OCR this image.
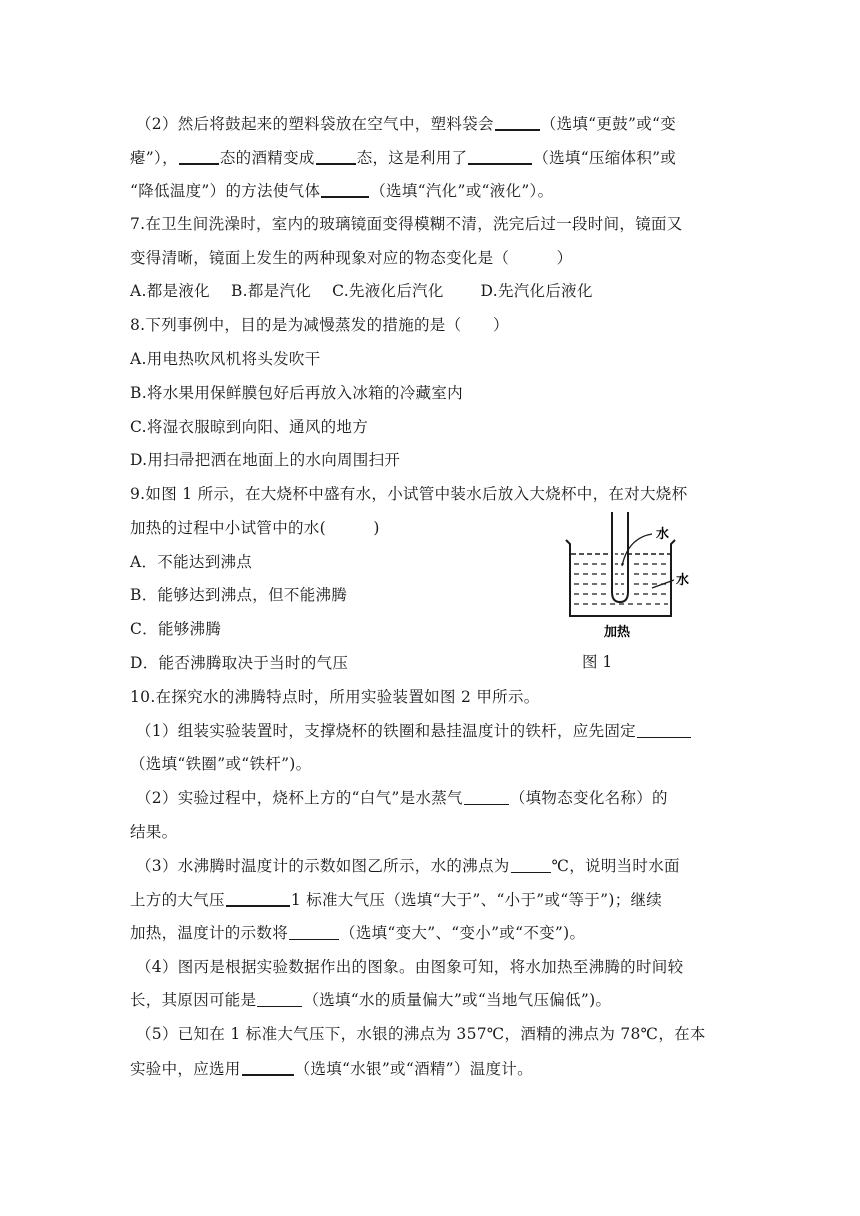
（2）然后将鼓起来的塑料袋放在空气中，塑料袋会	（选填“更鼓”或“变
瘪”），	态的酒精变成	态，这是利用了	（选填“压缩体积”或
“降低温度”）的方法使气体	（选填“汽化”或“液化”）。
7.在卫生间洗澡时，室内的玻璃镜面变得模糊不清，洗完后过一段时间，镜面又
变得清晰，镜面上发生的两种现象对应的物态变化是（　　　）
A.都是液化　 B.都是汽化　 C.先液化后汽化　　 D.先汽化后液化
8.下列事例中，目的是为减慢蒸发的措施的是（　　）
A.用电热吹风机将头发吹干
B.将水果用保鲜膜包好后再放入冰箱的冷藏室内
C.将湿衣服晾到向阳、通风的地方
D.用扫帚把洒在地面上的水向周围扫开
9.如图 1 所示，在大烧杯中盛有水，小试管中装水后放入大烧杯中，在对大烧杯
加热的过程中小试管中的水(　　　)
A．不能达到沸点
B．能够达到沸点，但不能沸腾
C．能够沸腾
D．能否沸腾取决于当时的气压
水
水
加热
图 1
10.在探究水的沸腾特点时，所用实验装置如图 2 甲所示。
（1）组装实验装置时，支撑烧杯的铁圈和悬挂温度计的铁杆，应先固定
（选填“铁圈”或“铁杆”)。
（2）实验过程中，烧杯上方的“白气”是水蒸气	（填物态变化名称）的
结果。
（3）水沸腾时温度计的示数如图乙所示，水的沸点为	℃，说明当时水面
上方的大气压	1 标准大气压（选填“大于”、“小于”或“等于”)；继续
加热，温度计的示数将	（选填“变大”、“变小”或“不变”)。
（4）图丙是根据实验数据作出的图象。由图象可知，将水加热至沸腾的时间较
长，其原因可能是	（选填“水的质量偏大”或“当地气压偏低”)。
（5）已知在 1 标准大气压下，水银的沸点为 357℃，酒精的沸点为 78℃，在本
实验中，应选用	（选填“水银”或“酒精”）温度计。
